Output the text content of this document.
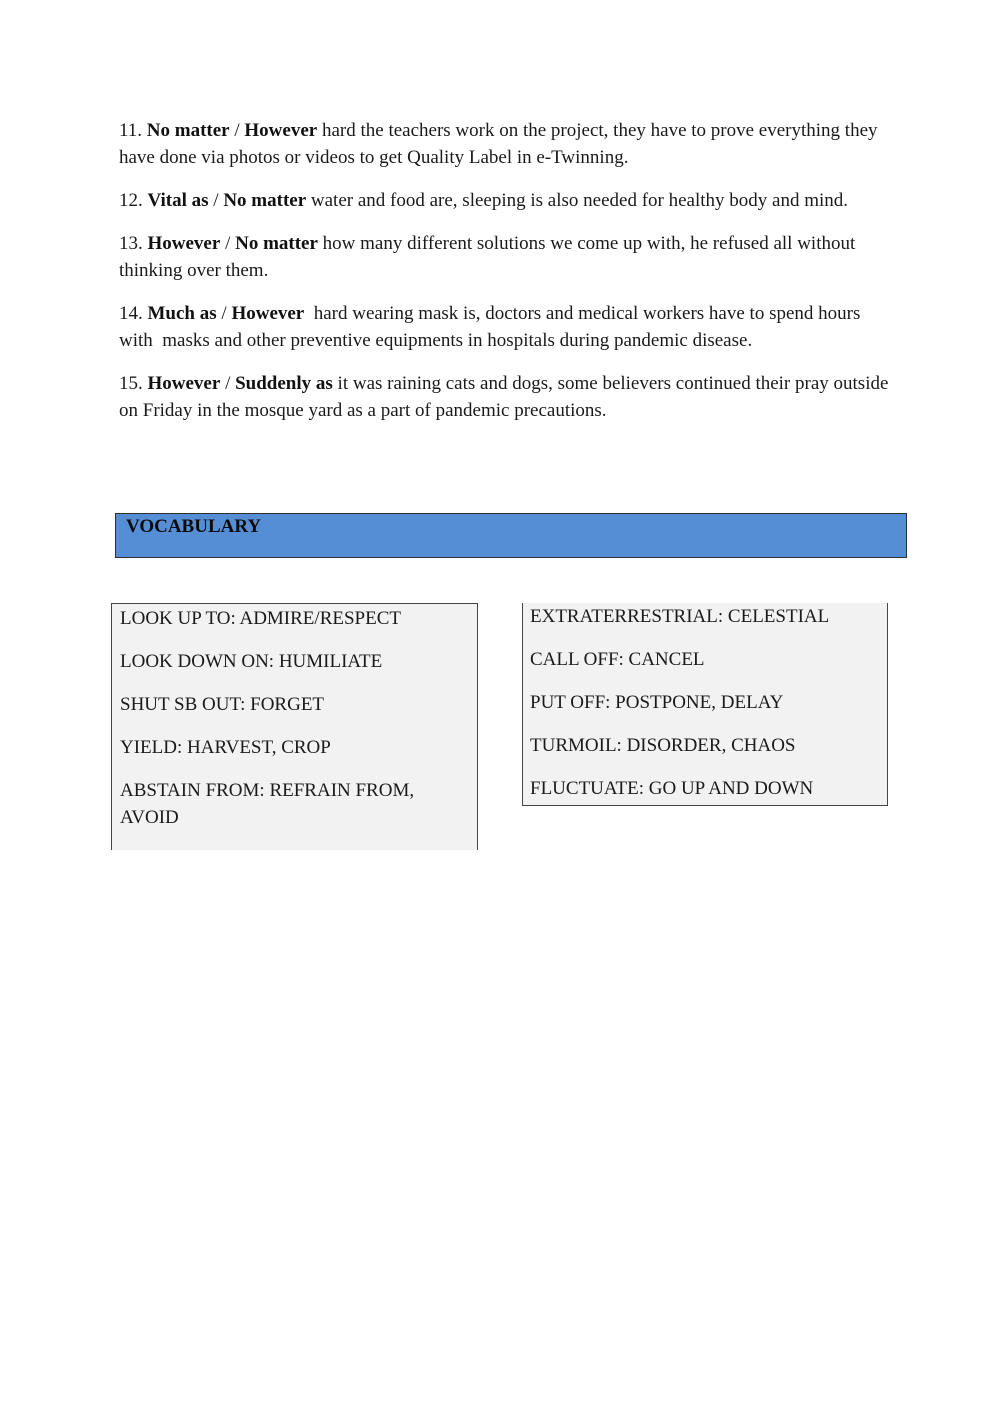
11. No matter / However hard the teachers work on the project, they have to prove everything they have done via photos or videos to get Quality Label in e-Twinning.

12. Vital as / No matter water and food are, sleeping is also needed for healthy body and mind.

13. However / No matter how many different solutions we come up with, he refused all without thinking over them.

14. Much as / However  hard wearing mask is, doctors and medical workers have to spend hours with  masks and other preventive equipments in hospitals during pandemic disease.

15. However / Suddenly as it was raining cats and dogs, some believers continued their pray outside on Friday in the mosque yard as a part of pandemic precautions.

VOCABULARY
LOOK UP TO: ADMIRE/RESPECT
LOOK DOWN ON: HUMILIATE
SHUT SB OUT: FORGET
YIELD: HARVEST, CROP
ABSTAIN FROM: REFRAIN FROM, AVOID
EXTRATERRESTRIAL: CELESTIAL
CALL OFF: CANCEL
PUT OFF: POSTPONE, DELAY
TURMOIL: DISORDER, CHAOS
FLUCTUATE: GO UP AND DOWN
